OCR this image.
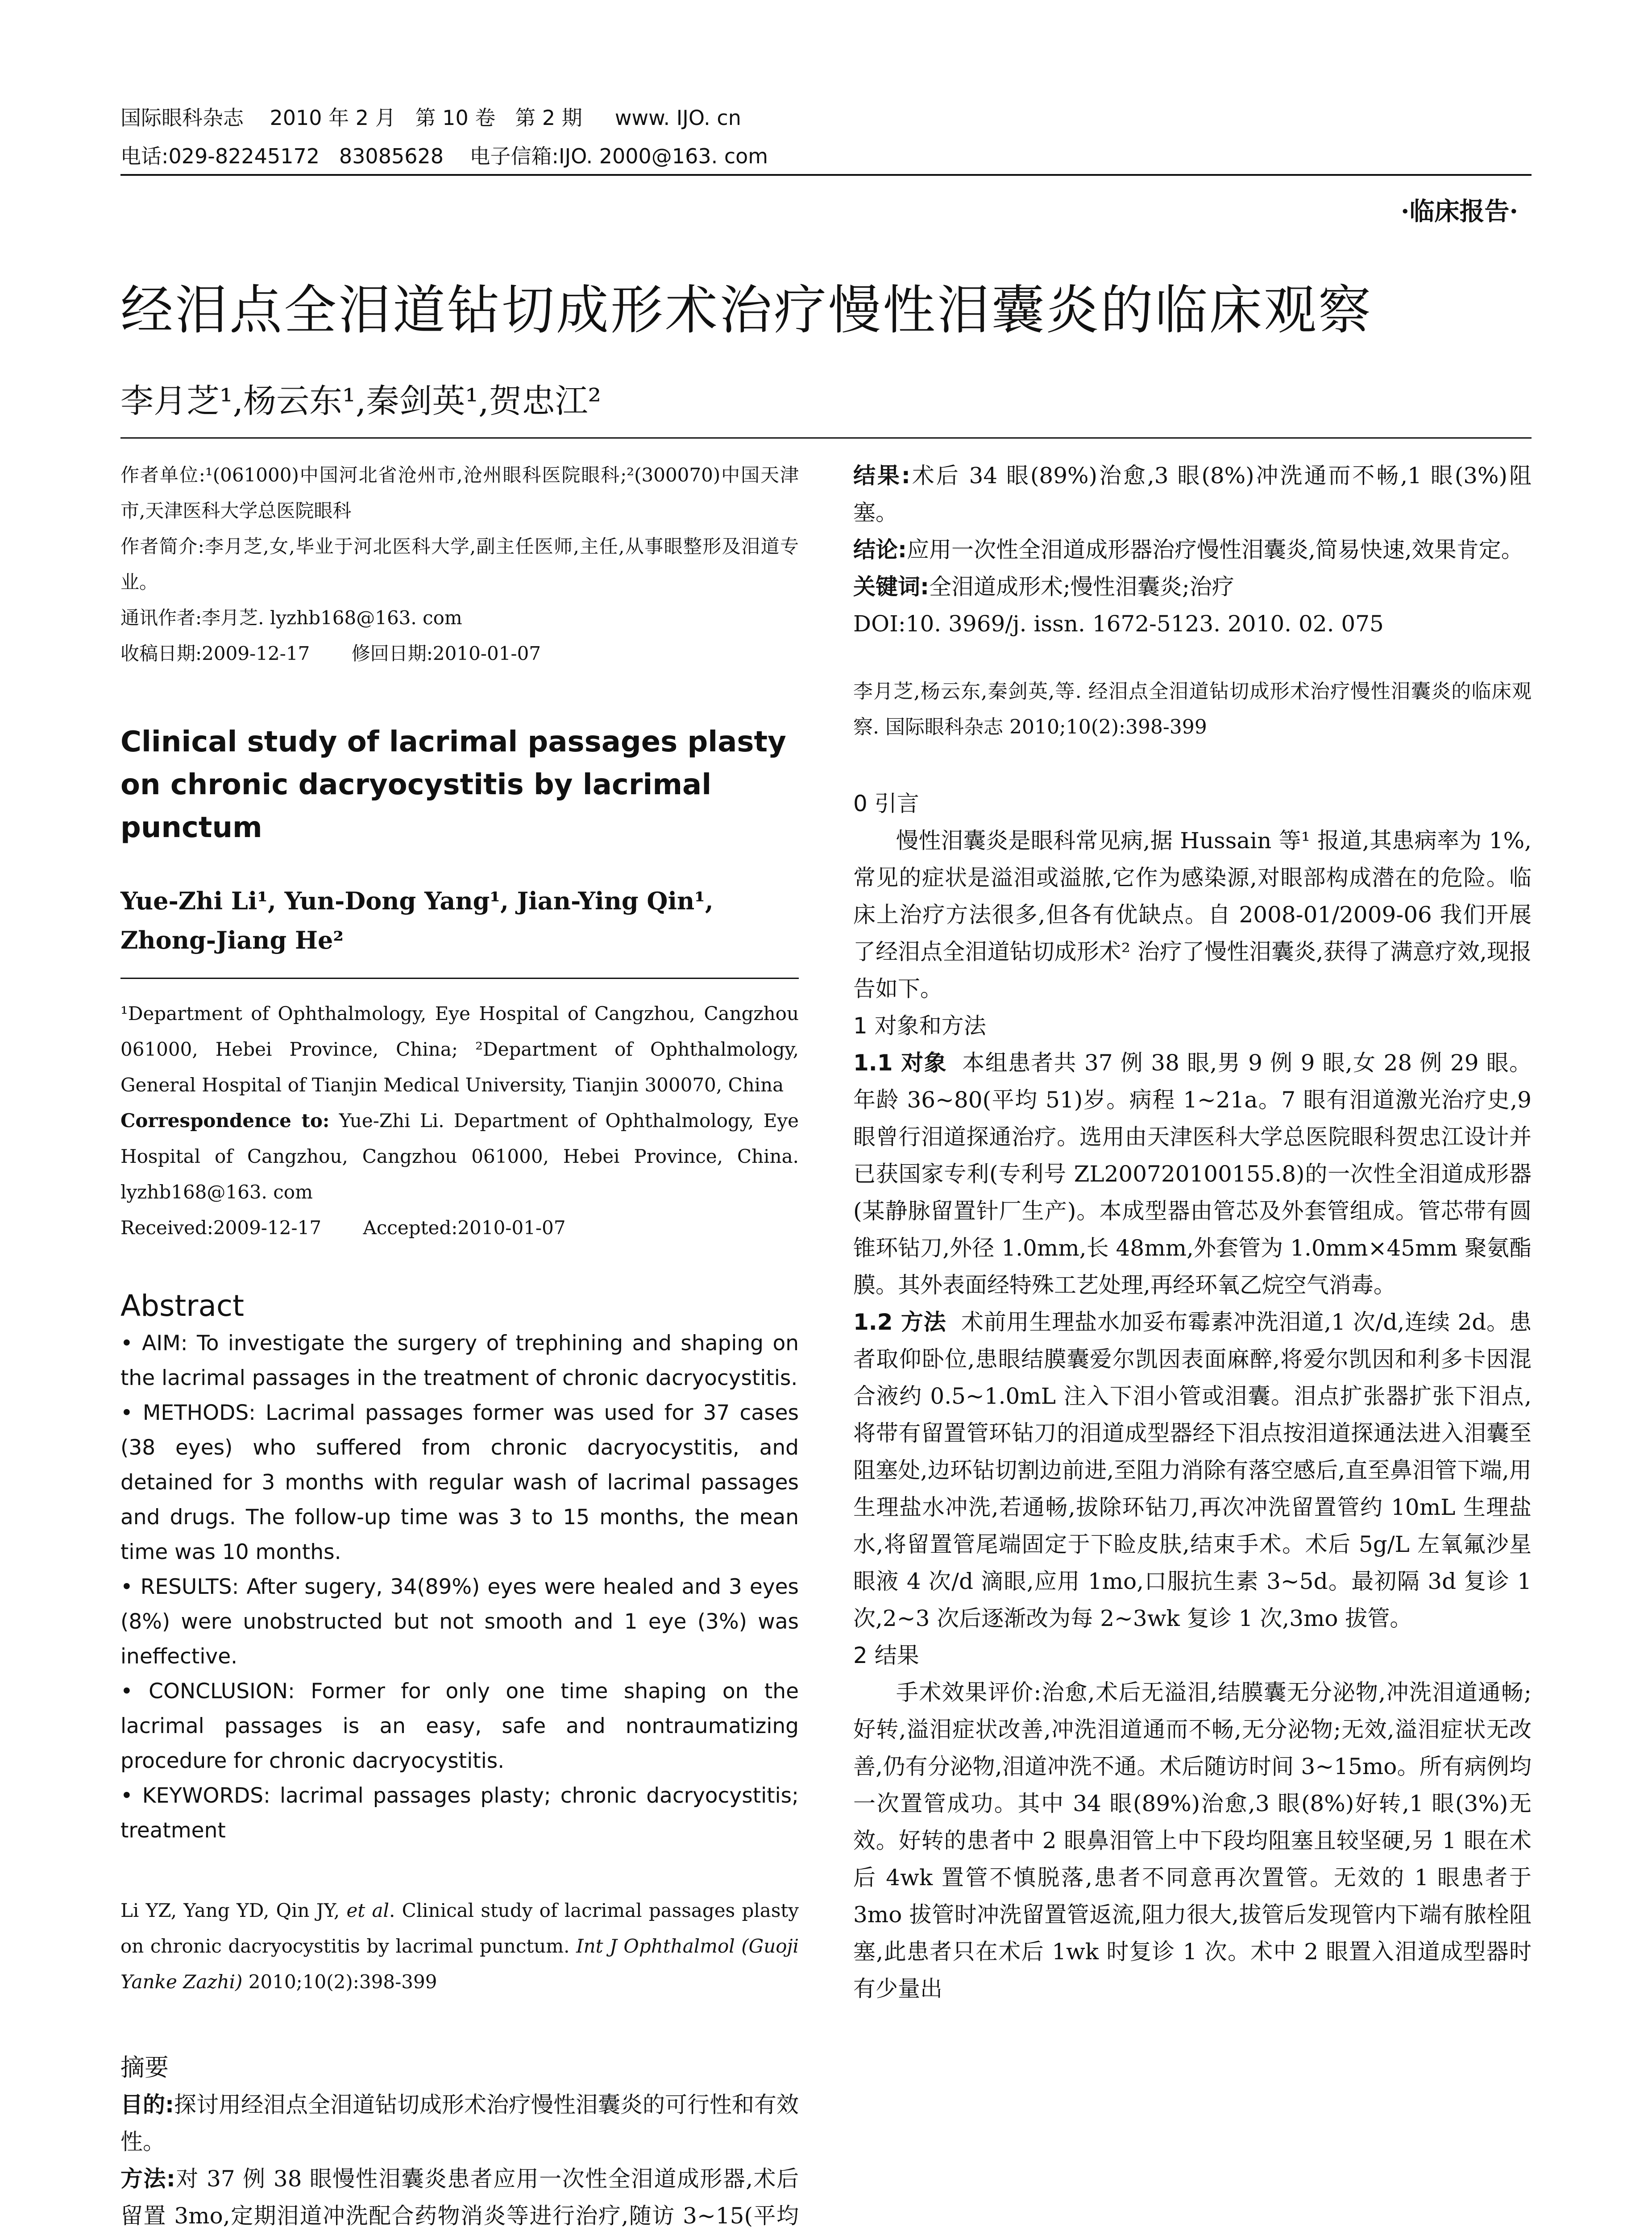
国际眼科杂志    2010 年 2 月   第 10 卷   第 2 期     www. IJO. cn
电话:029-82245172   83085628    电子信箱:IJO. 2000@163. com
·临床报告·
经泪点全泪道钻切成形术治疗慢性泪囊炎的临床观察
李月芝¹,杨云东¹,秦剑英¹,贺忠江²

作者单位:¹(061000)中国河北省沧州市,沧州眼科医院眼科;²(300070)中国天津市,天津医科大学总医院眼科

作者简介:李月芝,女,毕业于河北医科大学,副主任医师,主任,从事眼整形及泪道专业。

通讯作者:李月芝. lyzhb168@163. com

收稿日期:2009-12-17       修回日期:2010-01-07

Clinical study of lacrimal passages plasty on chronic dacryocystitis by lacrimal punctum
Yue-Zhi Li¹, Yun-Dong Yang¹, Jian-Ying Qin¹, Zhong-Jiang He²

¹Department of Ophthalmology, Eye Hospital of Cangzhou, Cangzhou 061000, Hebei Province, China; ²Department of Ophthalmology, General Hospital of Tianjin Medical University, Tianjin 300070, China

Correspondence to: Yue-Zhi Li. Department of Ophthalmology, Eye Hospital of Cangzhou, Cangzhou 061000, Hebei Province, China. lyzhb168@163. com

Received:2009-12-17       Accepted:2010-01-07

Abstract

• AIM: To investigate the surgery of trephining and shaping on the lacrimal passages in the treatment of chronic dacryocystitis.

• METHODS: Lacrimal passages former was used for 37 cases (38 eyes) who suffered from chronic dacryocystitis, and detained for 3 months with regular wash of lacrimal passages and drugs. The follow-up time was 3 to 15 months, the mean time was 10 months.

• RESULTS: After sugery, 34(89%) eyes were healed and 3 eyes (8%) were unobstructed but not smooth and 1 eye (3%) was ineffective.

• CONCLUSION: Former for only one time shaping on the lacrimal passages is an easy, safe and nontraumatizing procedure for chronic dacryocystitis.

• KEYWORDS: lacrimal passages plasty; chronic dacryocystitis; treatment

Li YZ, Yang YD, Qin JY, et al. Clinical study of lacrimal passages plasty on chronic dacryocystitis by lacrimal punctum. Int J Ophthalmol (Guoji Yanke Zazhi) 2010;10(2):398-399

摘要

目的:探讨用经泪点全泪道钻切成形术治疗慢性泪囊炎的可行性和有效性。

方法:对 37 例 38 眼慢性泪囊炎患者应用一次性全泪道成形器,术后留置 3mo,定期泪道冲洗配合药物消炎等进行治疗,随访 3~15(平均

结果:术后 34 眼(89%)治愈,3 眼(8%)冲洗通而不畅,1 眼(3%)阻塞。

结论:应用一次性全泪道成形器治疗慢性泪囊炎,简易快速,效果肯定。

关键词:全泪道成形术;慢性泪囊炎;治疗

DOI:10. 3969/j. issn. 1672-5123. 2010. 02. 075

李月芝,杨云东,秦剑英,等. 经泪点全泪道钻切成形术治疗慢性泪囊炎的临床观察. 国际眼科杂志 2010;10(2):398-399

0 引言

慢性泪囊炎是眼科常见病,据 Hussain 等¹ 报道,其患病率为 1%,常见的症状是溢泪或溢脓,它作为感染源,对眼部构成潜在的危险。临床上治疗方法很多,但各有优缺点。自 2008-01/2009-06 我们开展了经泪点全泪道钻切成形术² 治疗了慢性泪囊炎,获得了满意疗效,现报告如下。

1 对象和方法

1.1 对象 本组患者共 37 例 38 眼,男 9 例 9 眼,女 28 例 29 眼。年龄 36~80(平均 51)岁。病程 1~21a。7 眼有泪道激光治疗史,9 眼曾行泪道探通治疗。选用由天津医科大学总医院眼科贺忠江设计并已获国家专利(专利号 ZL200720100155.8)的一次性全泪道成形器(某静脉留置针厂生产)。本成型器由管芯及外套管组成。管芯带有圆锥环钻刀,外径 1.0mm,长 48mm,外套管为 1.0mm×45mm 聚氨酯膜。其外表面经特殊工艺处理,再经环氧乙烷空气消毒。

1.2 方法 术前用生理盐水加妥布霉素冲洗泪道,1 次/d,连续 2d。患者取仰卧位,患眼结膜囊爱尔凯因表面麻醉,将爱尔凯因和利多卡因混合液约 0.5~1.0mL 注入下泪小管或泪囊。泪点扩张器扩张下泪点,将带有留置管环钻刀的泪道成型器经下泪点按泪道探通法进入泪囊至阻塞处,边环钻切割边前进,至阻力消除有落空感后,直至鼻泪管下端,用生理盐水冲洗,若通畅,拔除环钻刀,再次冲洗留置管约 10mL 生理盐水,将留置管尾端固定于下睑皮肤,结束手术。术后 5g/L 左氧氟沙星眼液 4 次/d 滴眼,应用 1mo,口服抗生素 3~5d。最初隔 3d 复诊 1 次,2~3 次后逐渐改为每 2~3wk 复诊 1 次,3mo 拔管。

2 结果

手术效果评价:治愈,术后无溢泪,结膜囊无分泌物,冲洗泪道通畅;好转,溢泪症状改善,冲洗泪道通而不畅,无分泌物;无效,溢泪症状无改善,仍有分泌物,泪道冲洗不通。术后随访时间 3~15mo。所有病例均一次置管成功。其中 34 眼(89%)治愈,3 眼(8%)好转,1 眼(3%)无效。好转的患者中 2 眼鼻泪管上中下段均阻塞且较坚硬,另 1 眼在术后 4wk 置管不慎脱落,患者不同意再次置管。无效的 1 眼患者于 3mo 拔管时冲洗留置管返流,阻力很大,拔管后发现管内下端有脓栓阻塞,此患者只在术后 1wk 时复诊 1 次。术中 2 眼置入泪道成型器时有少量出
